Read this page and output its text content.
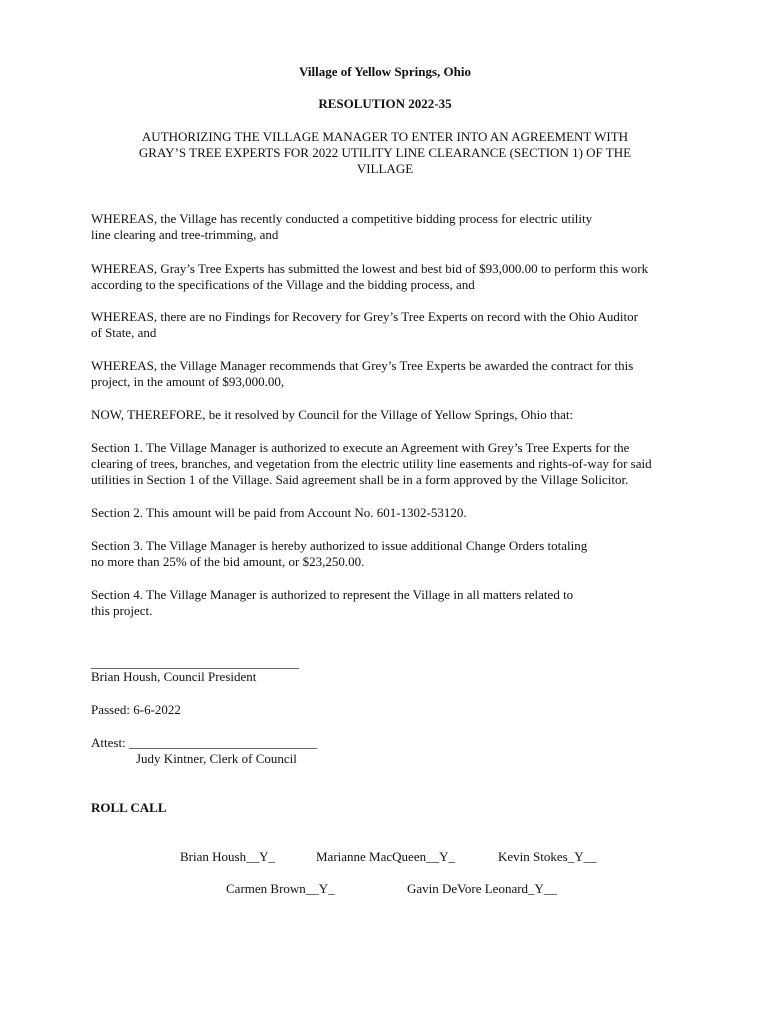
Village of Yellow Springs, Ohio

RESOLUTION 2022-35

AUTHORIZING THE VILLAGE MANAGER TO ENTER INTO AN AGREEMENT WITH
GRAY’S TREE EXPERTS FOR 2022 UTILITY LINE CLEARANCE (SECTION 1) OF THE
VILLAGE
WHEREAS, the Village has recently conducted a competitive bidding process for electric utility
line clearing and tree-trimming, and
WHEREAS, Gray’s Tree Experts has submitted the lowest and best bid of $93,000.00 to perform this work
according to the specifications of the Village and the bidding process, and
WHEREAS, there are no Findings for Recovery for Grey’s Tree Experts on record with the Ohio Auditor
of State, and
WHEREAS, the Village Manager recommends that Grey’s Tree Experts be awarded the contract for this
project, in the amount of $93,000.00,

NOW, THEREFORE, be it resolved by Council for the Village of Yellow Springs, Ohio that:

Section 1. The Village Manager is authorized to execute an Agreement with Grey’s Tree Experts for the
clearing of trees, branches, and vegetation from the electric utility line easements and rights-of-way for said
utilities in Section 1 of the Village. Said agreement shall be in a form approved by the Village Solicitor.
Section 2. This amount will be paid from Account No. 601-1302-53120.
Section 3. The Village Manager is hereby authorized to issue additional Change Orders totaling
no more than 25% of the bid amount, or $23,250.00.
Section 4. The Village Manager is authorized to represent the Village in all matters related to
this project.

________________________________

Brian Housh, Council President

Passed: 6-6-2022

Attest: _____________________________

Judy Kintner, Clerk of Council

ROLL CALL

Brian Housh__Y_	Marianne MacQueen__Y_	Kevin Stokes_Y__

Carmen Brown__Y_	Gavin DeVore Leonard_Y__
